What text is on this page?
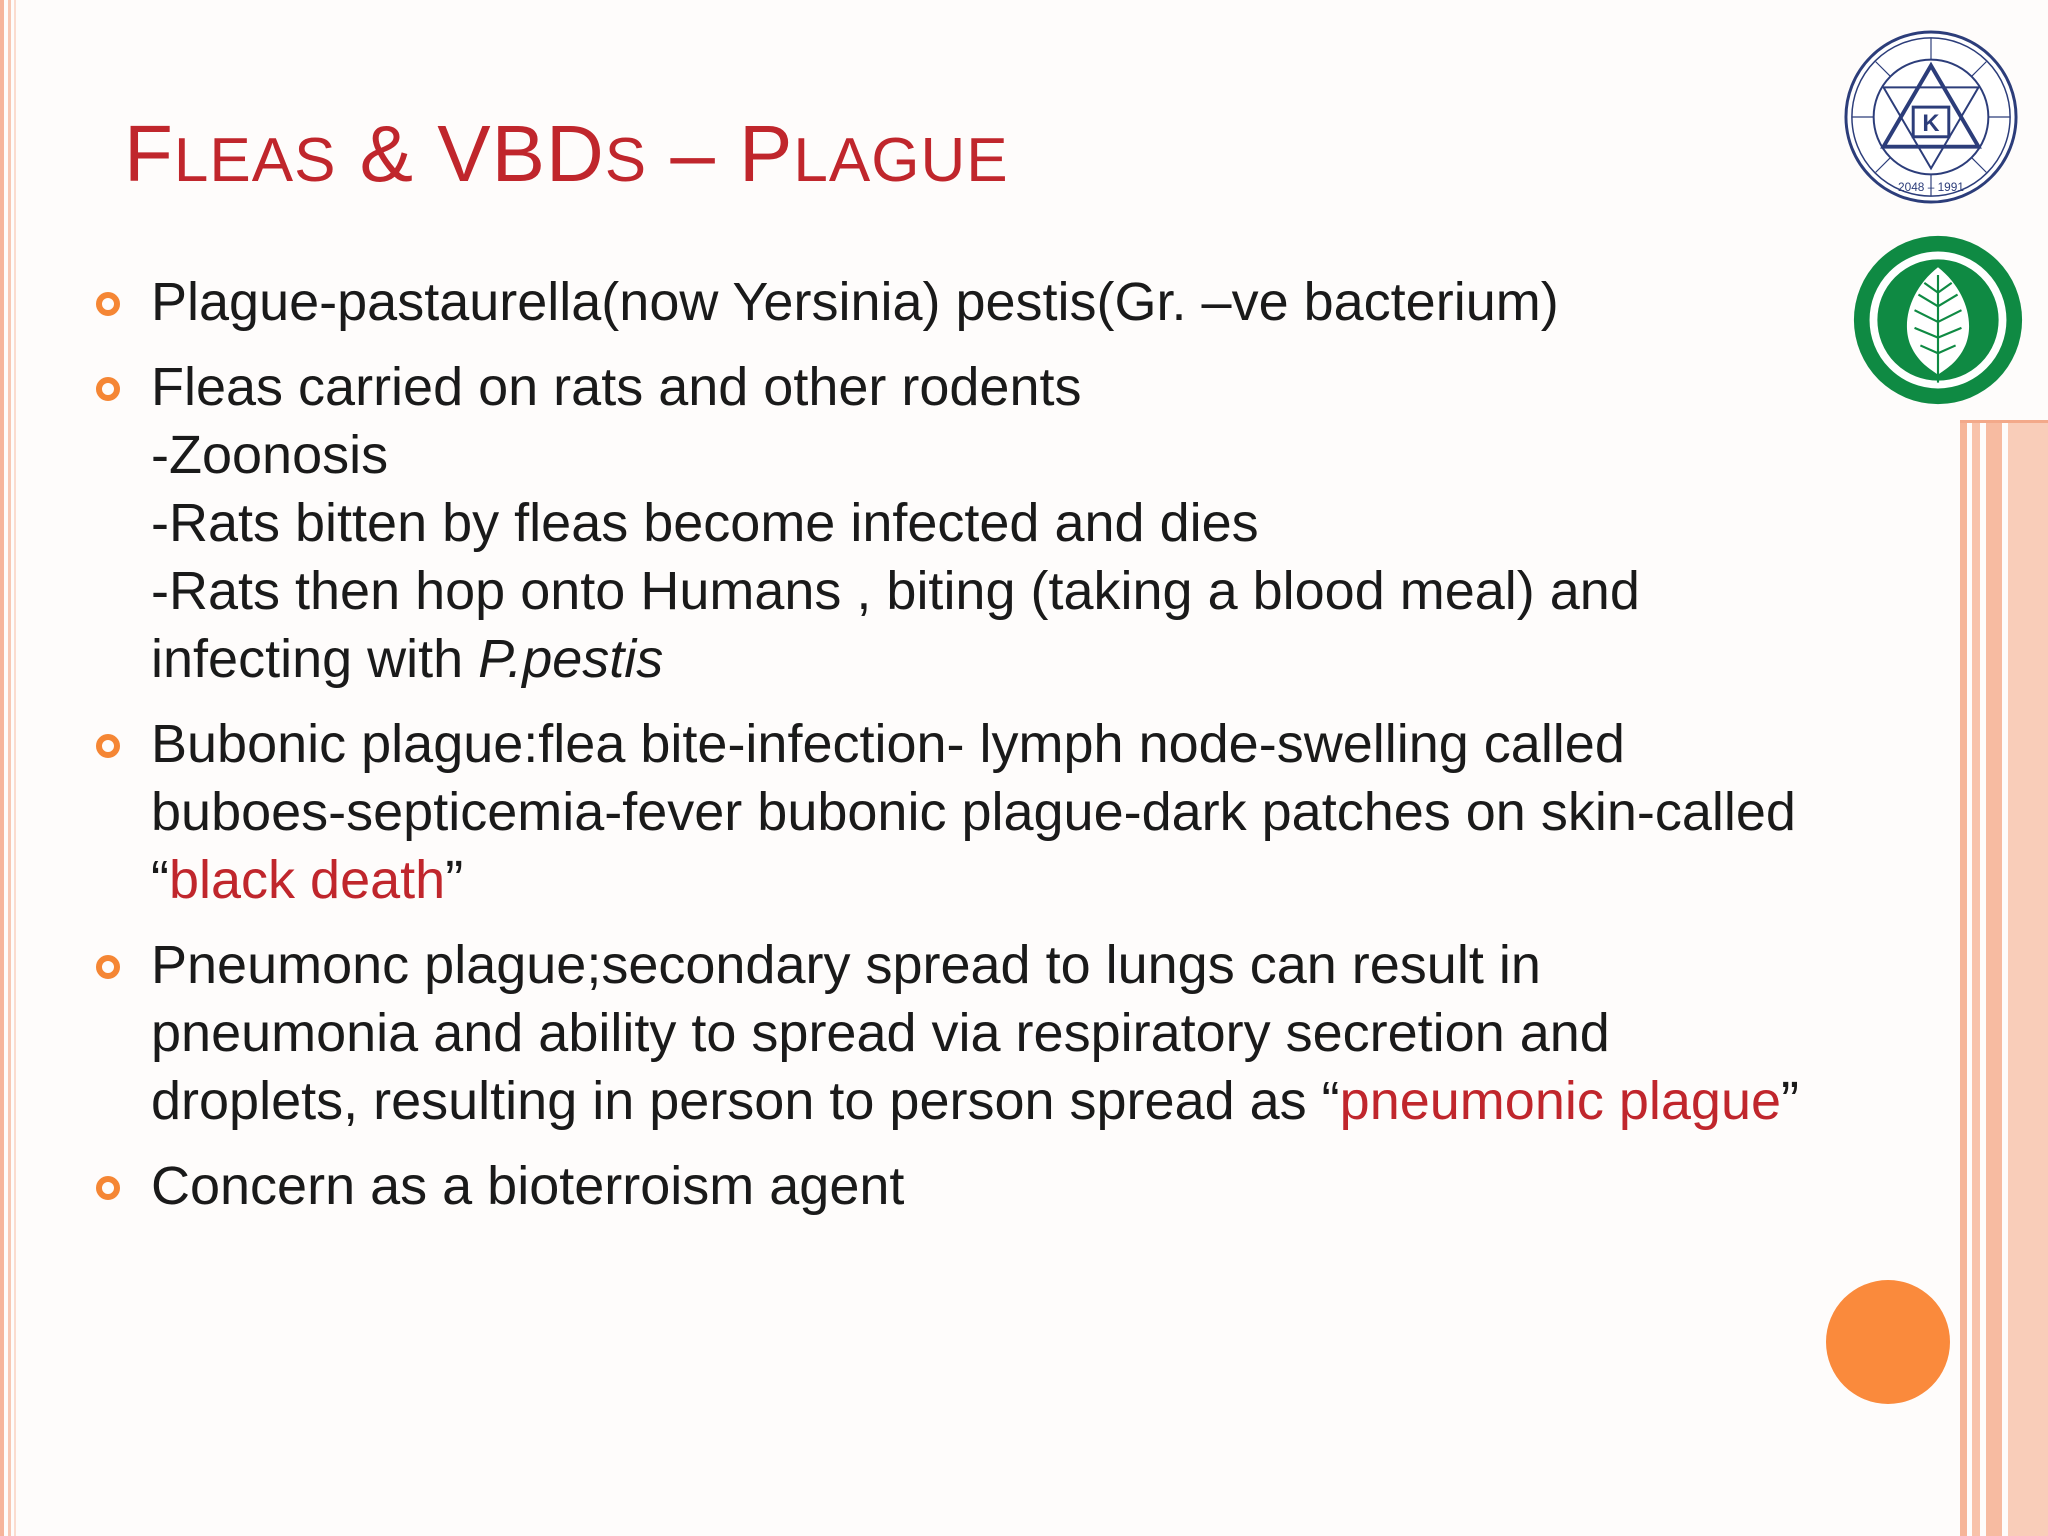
FLEAS & VBDS – PLAGUE
Plague-pastaurella(now Yersinia) pestis(Gr. –ve bacterium)
Fleas carried on rats and other rodents
-Zoonosis
-Rats bitten by fleas become infected and dies
-Rats then hop onto Humans , biting (taking a blood meal) and
infecting with P.pestis
Bubonic plague:flea bite-infection- lymph node-swelling called
buboes-septicemia-fever bubonic plague-dark patches on skin-called
“black death”
Pneumonc plague;secondary spread to lungs can result in
pneumonia and ability to spread via respiratory secretion and
droplets, resulting in person to person spread as “pneumonic plague”
Concern as a bioterroism agent
K
2048 – 1991
